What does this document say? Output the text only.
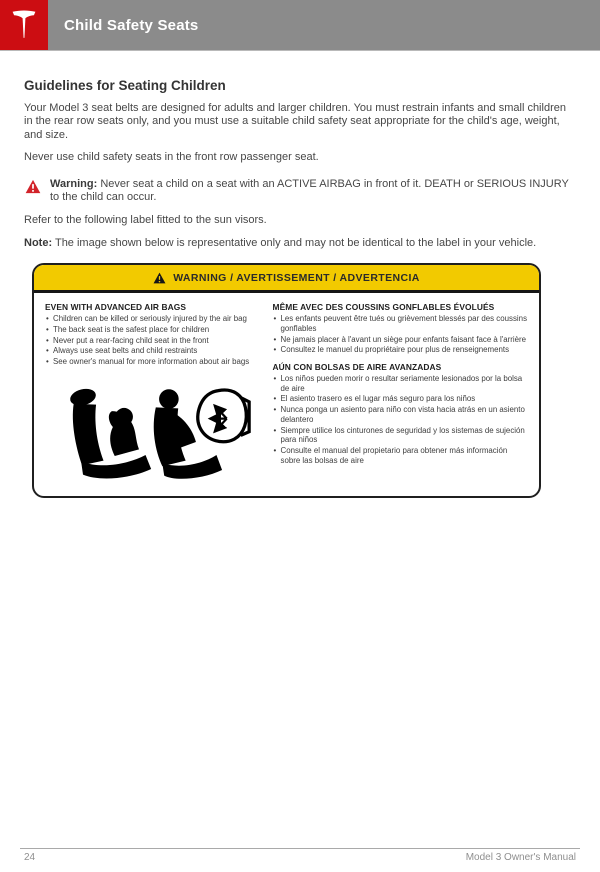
Child Safety Seats
Guidelines for Seating Children

Your Model 3 seat belts are designed for adults and larger children. You must restrain infants and small children in the rear row seats only, and you must use a suitable child safety seat appropriate for the child's age, weight, and size.

Never use child safety seats in the front row passenger seat.

Warning: Never seat a child on a seat with an ACTIVE AIRBAG in front of it. DEATH or SERIOUS INJURY to the child can occur.

Refer to the following label fitted to the sun visors.

Note: The image shown below is representative only and may not be identical to the label in your vehicle.

WARNING / AVERTISSEMENT / ADVERTENCIA
EVEN WITH ADVANCED AIR BAGS
• Children can be killed or seriously injured by the air bag
• The back seat is the safest place for children
• Never put a rear-facing child seat in the front
• Always use seat belts and child restraints
• See owner's manual for more information about air bags
MÊME AVEC DES COUSSINS GONFLABLES ÉVOLUÉS
• Les enfants peuvent être tués ou grièvement blessés par des coussins gonflables
• Ne jamais placer à l'avant un siège pour enfants faisant face à l'arrière
• Consultez le manuel du propriétaire pour plus de renseignements
AÚN CON BOLSAS DE AIRE AVANZADAS
• Los niños pueden morir o resultar seriamente lesionados por la bolsa de aire
• El asiento trasero es el lugar más seguro para los niños
• Nunca ponga un asiento para niño con vista hacia atrás en un asiento delantero
• Siempre utilice los cinturones de seguridad y los sistemas de sujeción para niños
• Consulte el manual del propietario para obtener más información sobre las bolsas de aire
24	Model 3 Owner's Manual
